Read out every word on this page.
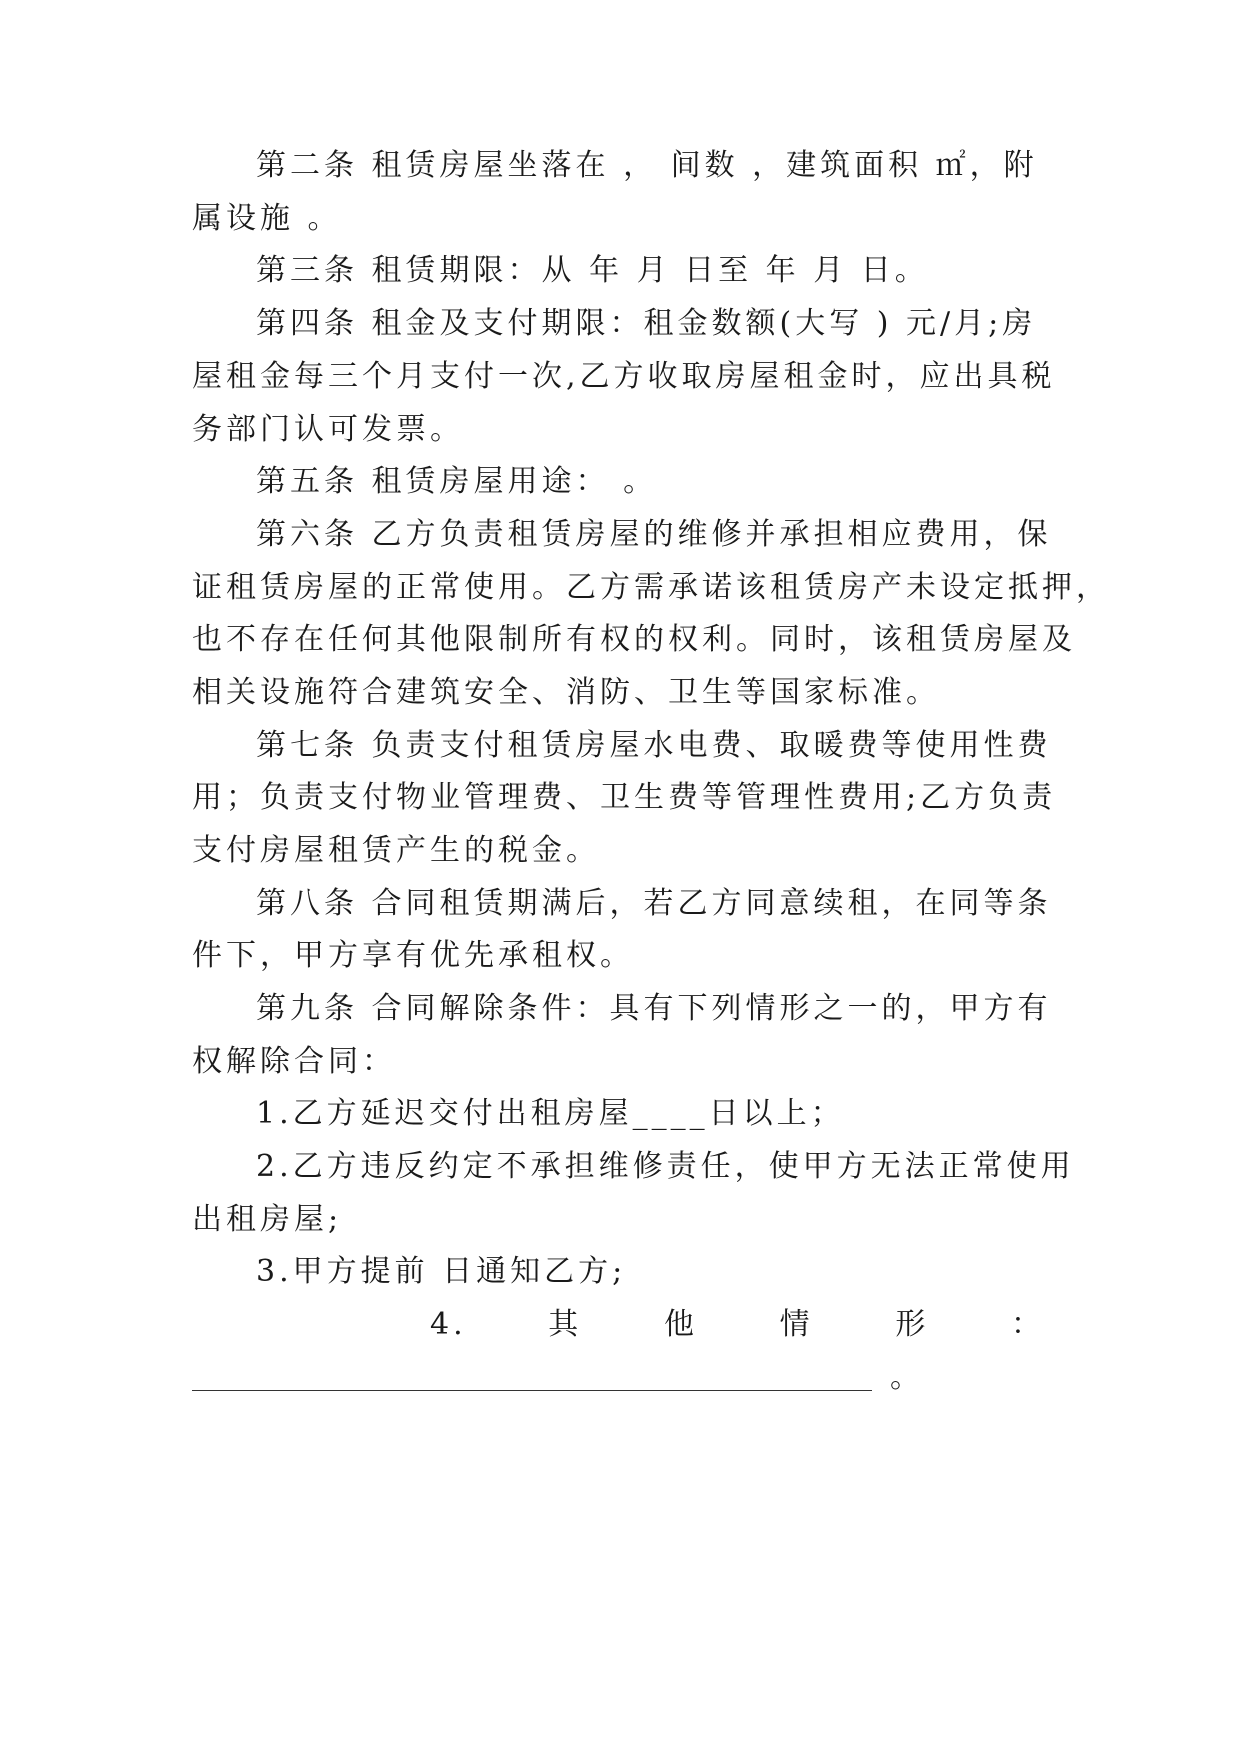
第二条 租赁房屋坐落在 ， 间数 ，建筑面积 ㎡，附
属设施 。
第三条 租赁期限：从 年 月 日至 年 月 日。
第四条 租金及支付期限：租金数额(大写 ) 元/月;房
屋租金每三个月支付一次,乙方收取房屋租金时，应出具税
务部门认可发票。
第五条 租赁房屋用途： 。
第六条 乙方负责租赁房屋的维修并承担相应费用，保
证租赁房屋的正常使用。乙方需承诺该租赁房产未设定抵押，
也不存在任何其他限制所有权的权利。同时，该租赁房屋及
相关设施符合建筑安全、消防、卫生等国家标准。
第七条 负责支付租赁房屋水电费、取暖费等使用性费
用；负责支付物业管理费、卫生费等管理性费用;乙方负责
支付房屋租赁产生的税金。
第八条 合同租赁期满后，若乙方同意续租，在同等条
件下，甲方享有优先承租权。
第九条 合同解除条件：具有下列情形之一的，甲方有
权解除合同：
1.乙方延迟交付出租房屋____日以上；
2.乙方违反约定不承担维修责任，使甲方无法正常使用
出租房屋;
3.甲方提前 日通知乙方;
4.	其	他	情	形	：
。
